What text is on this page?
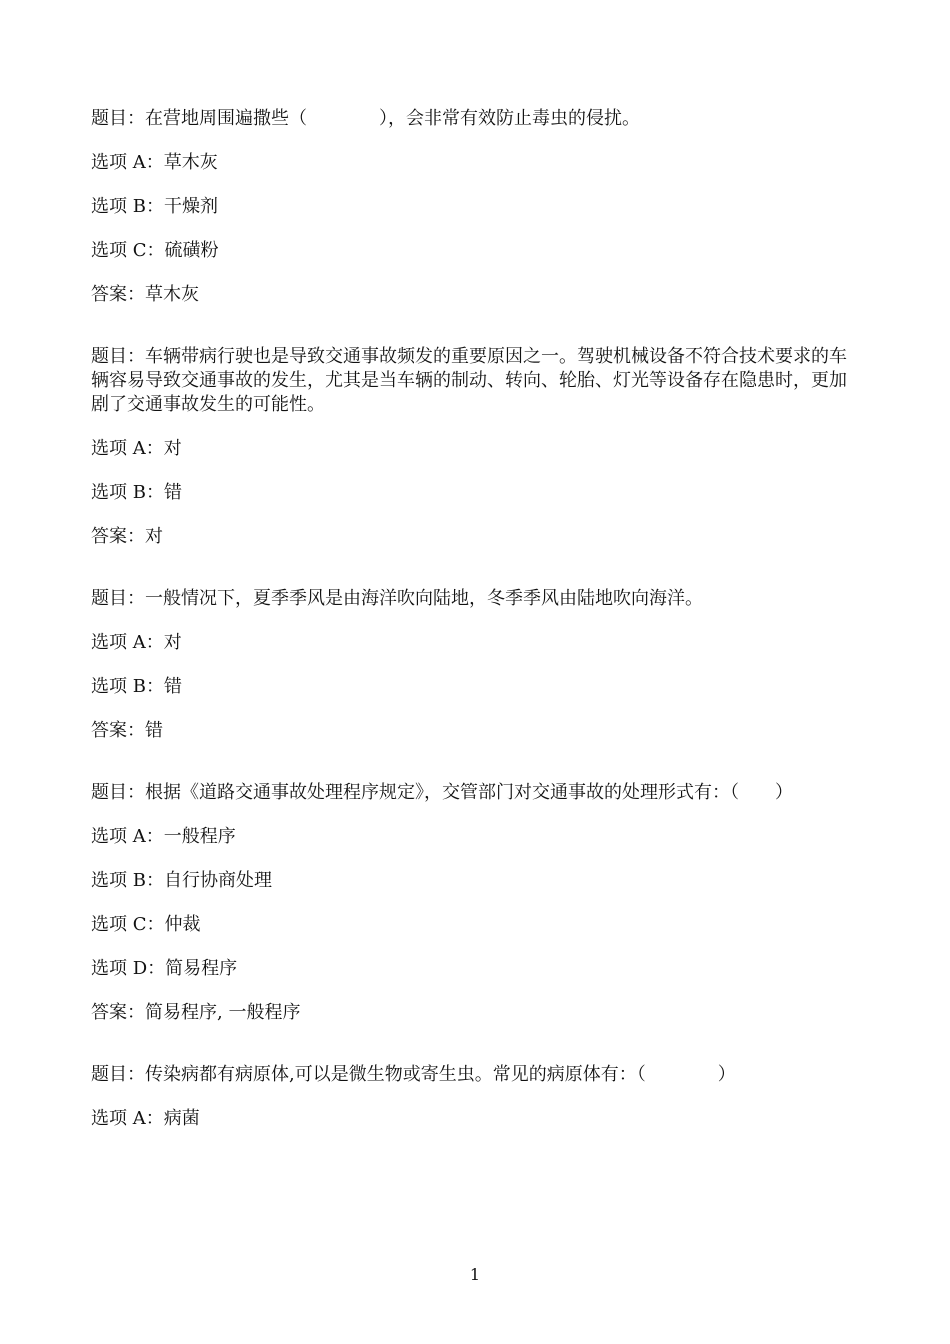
题目：在营地周围遍撒些（　　　　），会非常有效防止毒虫的侵扰。

选项 A：草木灰

选项 B：干燥剂

选项 C：硫磺粉

答案：草木灰

题目：车辆带病行驶也是导致交通事故频发的重要原因之一。驾驶机械设备不符合技术要求的车辆容易导致交通事故的发生，尤其是当车辆的制动、转向、轮胎、灯光等设备存在隐患时，更加剧了交通事故发生的可能性。

选项 A：对

选项 B：错

答案：对

题目：一般情况下，夏季季风是由海洋吹向陆地，冬季季风由陆地吹向海洋。

选项 A：对

选项 B：错

答案：错

题目：根据《道路交通事故处理程序规定》，交管部门对交通事故的处理形式有：（　　）

选项 A：一般程序

选项 B：自行协商处理

选项 C：仲裁

选项 D：简易程序

答案：简易程序, 一般程序

题目：传染病都有病原体,可以是微生物或寄生虫。常见的病原体有：（　　　　）

选项 A：病菌

1
